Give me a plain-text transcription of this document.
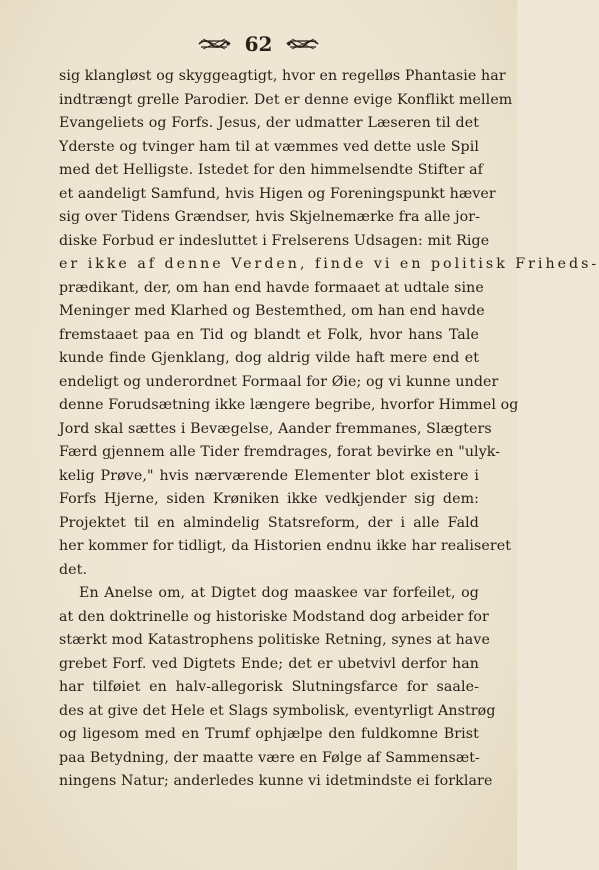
62
sig klangløst og skyggeagtigt, hvor en regelløs Phantasie har
indtrængt grelle Parodier. Det er denne evige Konflikt mellem
Evangeliets og Forfs. Jesus, der udmatter Læseren til det
Yderste og tvinger ham til at væmmes ved dette usle Spil
med det Helligste. Istedet for den himmelsendte Stifter af
et aandeligt Samfund, hvis Higen og Foreningspunkt hæver
sig over Tidens Grændser, hvis Skjelnemærke fra alle jor-
diske Forbud er indesluttet i Frelserens Udsagen: mit Rige
er ikke af denne Verden, finde vi en politisk Friheds-
prædikant, der, om han end havde formaaet at udtale sine
Meninger med Klarhed og Bestemthed, om han end havde
fremstaaet paa en Tid og blandt et Folk, hvor hans Tale
kunde finde Gjenklang, dog aldrig vilde haft mere end et
endeligt og underordnet Formaal for Øie; og vi kunne under
denne Forudsætning ikke længere begribe, hvorfor Himmel og
Jord skal sættes i Bevægelse, Aander fremmanes, Slægters
Færd gjennem alle Tider fremdrages, forat bevirke en "ulyk-
kelig Prøve," hvis nærværende Elementer blot existere i
Forfs Hjerne, siden Krøniken ikke vedkjender sig dem:
Projektet til en almindelig Statsreform, der i alle Fald
her kommer for tidligt, da Historien endnu ikke har realiseret
det.
En Anelse om, at Digtet dog maaskee var forfeilet, og
at den doktrinelle og historiske Modstand dog arbeider for
stærkt mod Katastrophens politiske Retning, synes at have
grebet Forf. ved Digtets Ende; det er ubetvivl derfor han
har tilføiet en halv-allegorisk Slutningsfarce for saale-
des at give det Hele et Slags symbolisk, eventyrligt Anstrøg
og ligesom med en Trumf ophjælpe den fuldkomne Brist
paa Betydning, der maatte være en Følge af Sammensæt-
ningens Natur; anderledes kunne vi idetmindste ei forklare
